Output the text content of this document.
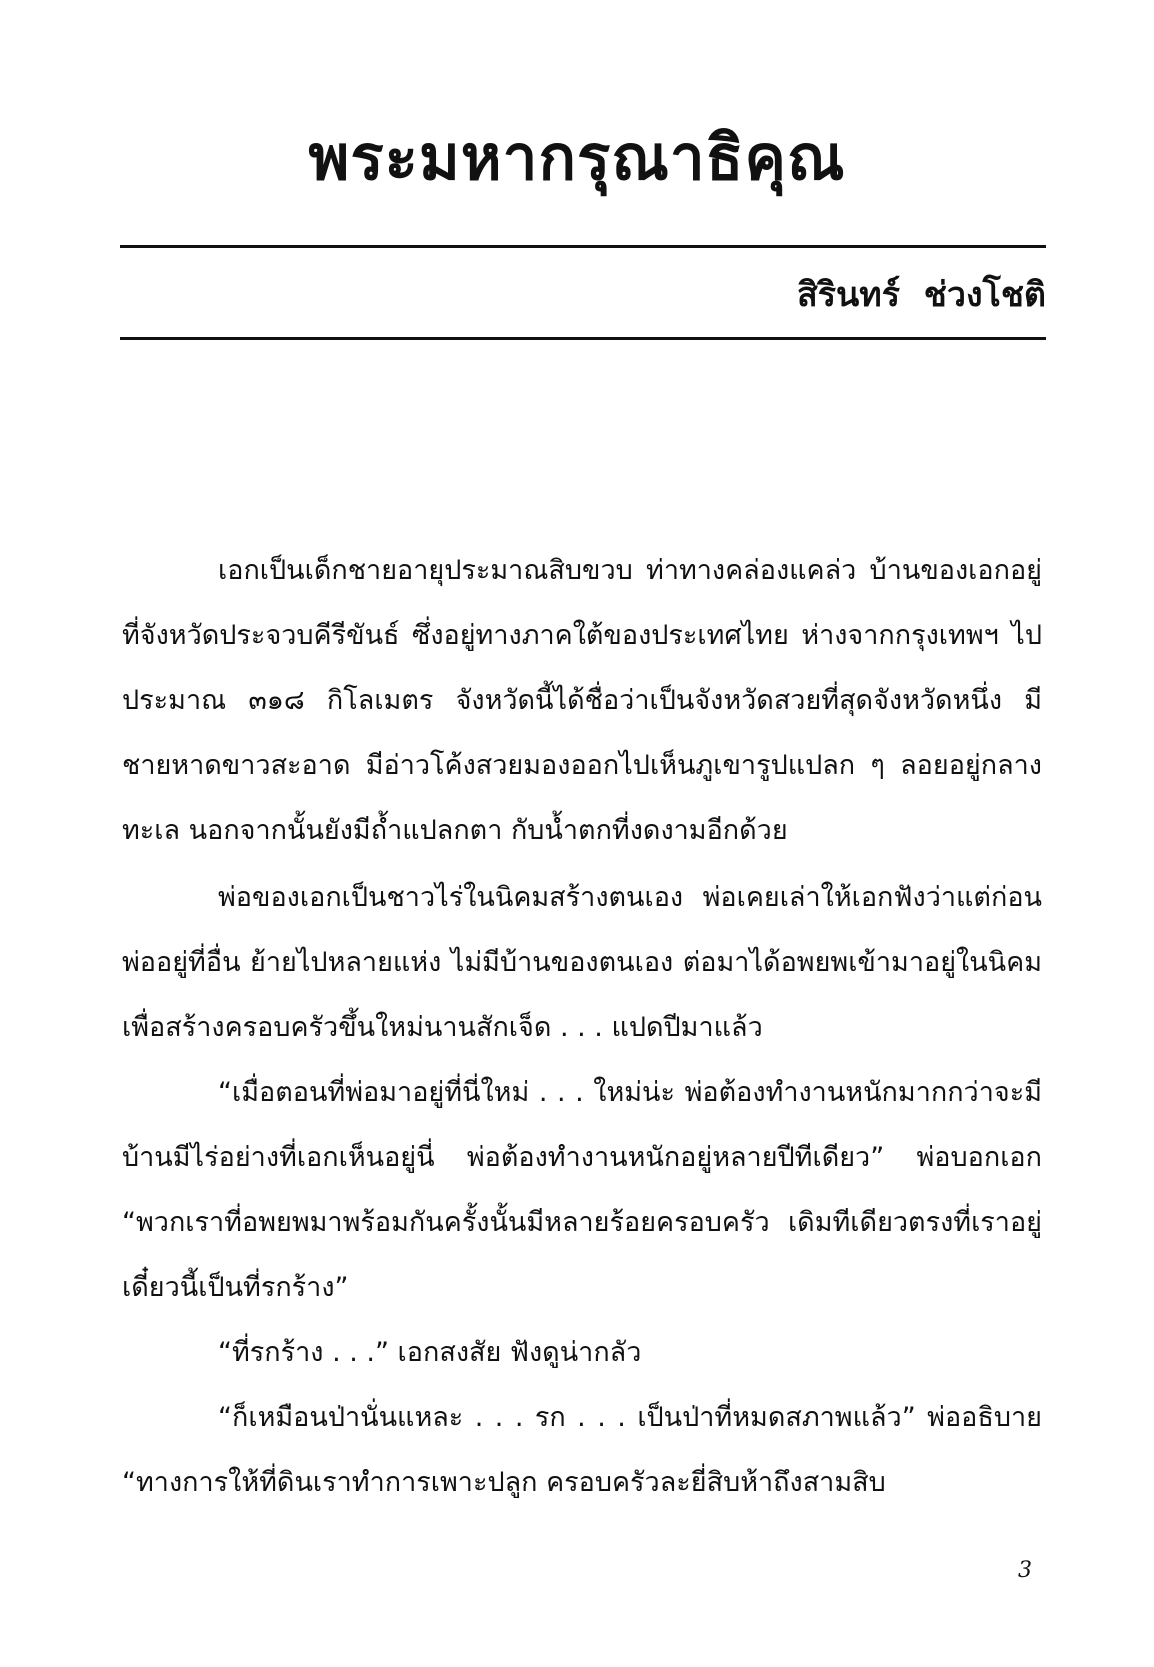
พระมหากรุณาธิคุณ
สิรินทร์ ช่วงโชติ

เอกเป็นเด็กชายอายุประมาณสิบขวบ ท่าทางคล่องแคล่ว บ้านของเอกอยู่ที่จังหวัดประจวบคีรีขันธ์ ซึ่งอยู่ทางภาคใต้ของประเทศไทย ห่างจากกรุงเทพฯ ไปประมาณ ๓๑๘ กิโลเมตร จังหวัดนี้ได้ชื่อว่าเป็นจังหวัดสวยที่สุดจังหวัดหนึ่ง มีชายหาดขาวสะอาด มีอ่าวโค้งสวยมองออกไปเห็นภูเขารูปแปลก ๆ ลอยอยู่กลางทะเล นอกจากนั้นยังมีถ้ำแปลกตา กับน้ำตกที่งดงามอีกด้วย

พ่อของเอกเป็นชาวไร่ในนิคมสร้างตนเอง พ่อเคยเล่าให้เอกฟังว่าแต่ก่อนพ่ออยู่ที่อื่น ย้ายไปหลายแห่ง ไม่มีบ้านของตนเอง ต่อมาได้อพยพเข้ามาอยู่ในนิคมเพื่อสร้างครอบครัวขึ้นใหม่นานสักเจ็ด . . . แปดปีมาแล้ว

“เมื่อตอนที่พ่อมาอยู่ที่นี่ใหม่ . . . ใหม่น่ะ พ่อต้องทำงานหนักมากกว่าจะมีบ้านมีไร่อย่างที่เอกเห็นอยู่นี่ พ่อต้องทำงานหนักอยู่หลายปีทีเดียว” พ่อบอกเอก “พวกเราที่อพยพมาพร้อมกันครั้งนั้นมีหลายร้อยครอบครัว เดิมทีเดียวตรงที่เราอยู่เดี๋ยวนี้เป็นที่รกร้าง”

“ที่รกร้าง . . .” เอกสงสัย ฟังดูน่ากลัว

“ก็เหมือนป่านั่นแหละ . . . รก . . . เป็นป่าที่หมดสภาพแล้ว” พ่ออธิบาย “ทางการให้ที่ดินเราทำการเพาะปลูก ครอบครัวละยี่สิบห้าถึงสามสิบ

3
